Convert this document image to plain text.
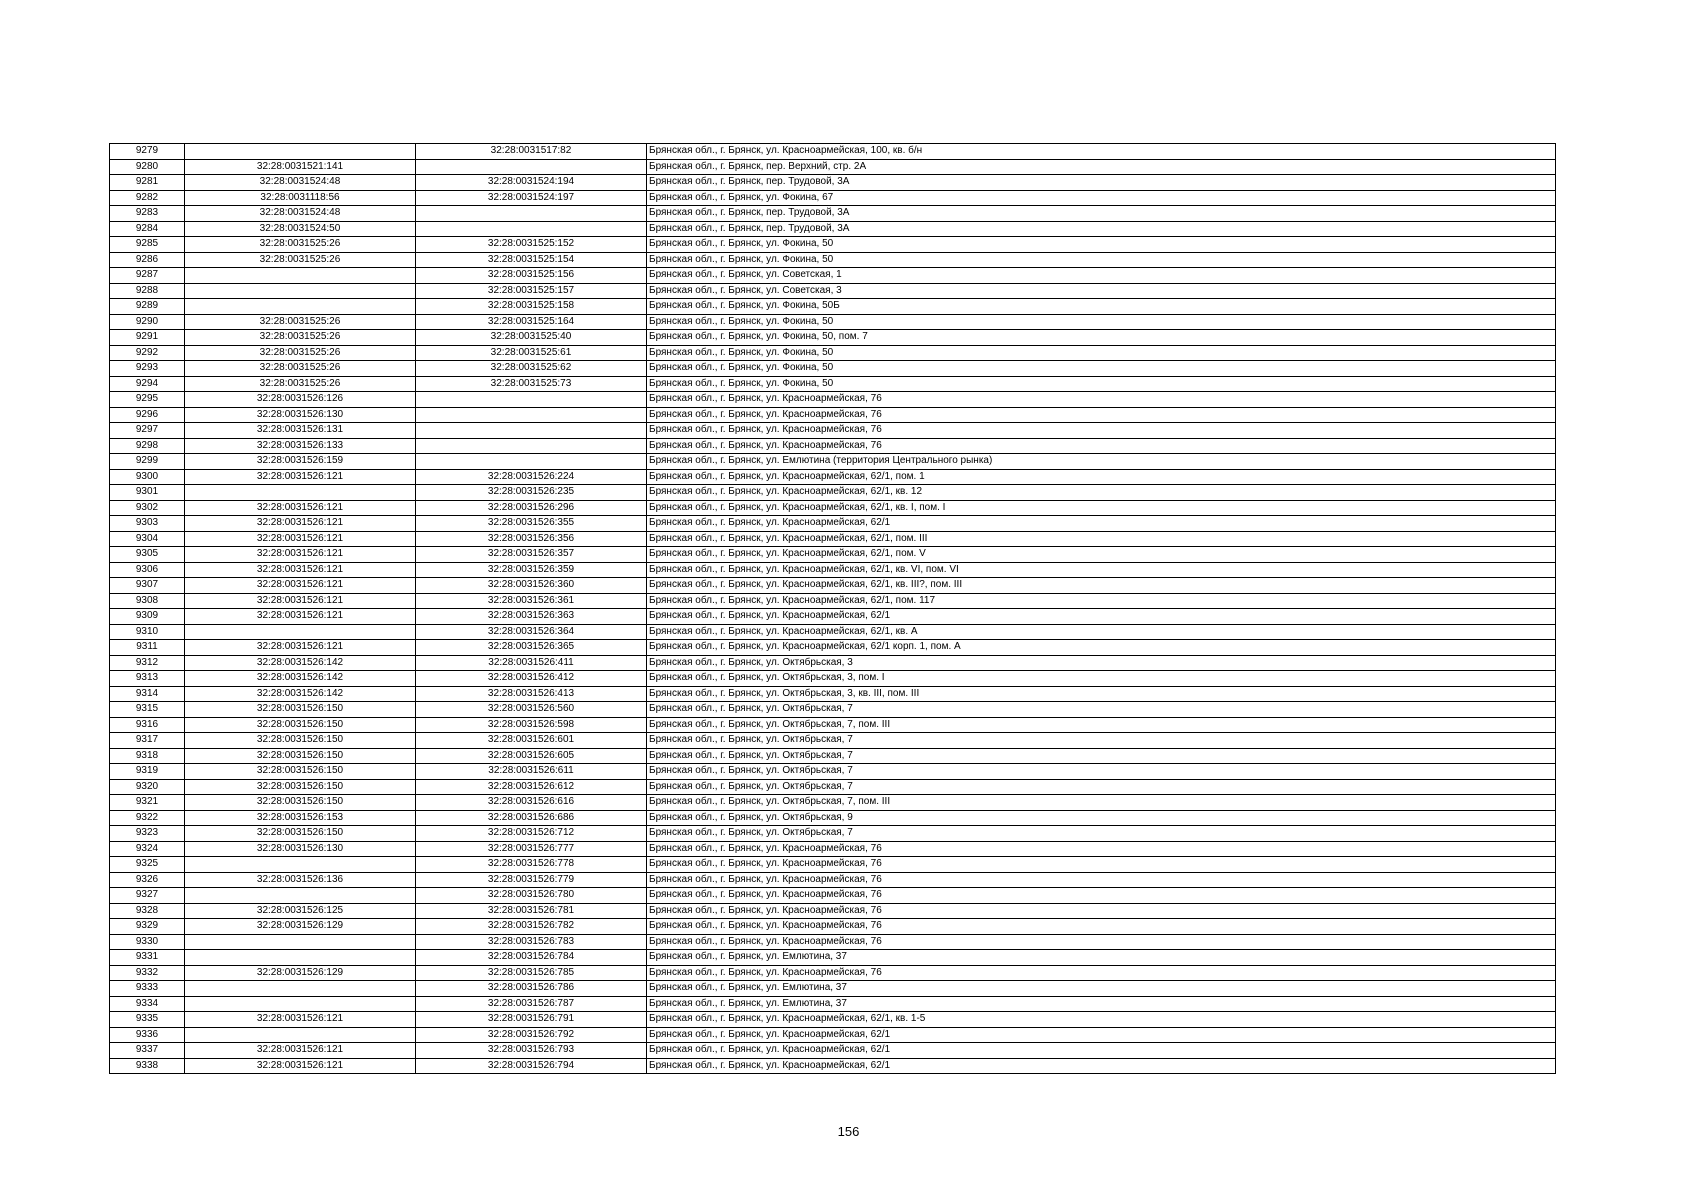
9279		32:28:0031517:82	Брянская обл., г. Брянск, ул. Красноармейская, 100, кв. б/н
9280	32:28:0031521:141		Брянская обл., г. Брянск, пер. Верхний, стр. 2А
9281	32:28:0031524:48	32:28:0031524:194	Брянская обл., г. Брянск, пер. Трудовой, 3А
9282	32:28:0031118:56	32:28:0031524:197	Брянская обл., г. Брянск, ул. Фокина, 67
9283	32:28:0031524:48		Брянская обл., г. Брянск, пер. Трудовой, 3А
9284	32:28:0031524:50		Брянская обл., г. Брянск, пер. Трудовой, 3А
9285	32:28:0031525:26	32:28:0031525:152	Брянская обл., г. Брянск, ул. Фокина, 50
9286	32:28:0031525:26	32:28:0031525:154	Брянская обл., г. Брянск, ул. Фокина, 50
9287		32:28:0031525:156	Брянская обл., г. Брянск, ул. Советская, 1
9288		32:28:0031525:157	Брянская обл., г. Брянск, ул. Советская, 3
9289		32:28:0031525:158	Брянская обл., г. Брянск, ул. Фокина, 50Б
9290	32:28:0031525:26	32:28:0031525:164	Брянская обл., г. Брянск, ул. Фокина, 50
9291	32:28:0031525:26	32:28:0031525:40	Брянская обл., г. Брянск, ул. Фокина, 50, пом. 7
9292	32:28:0031525:26	32:28:0031525:61	Брянская обл., г. Брянск, ул. Фокина, 50
9293	32:28:0031525:26	32:28:0031525:62	Брянская обл., г. Брянск, ул. Фокина, 50
9294	32:28:0031525:26	32:28:0031525:73	Брянская обл., г. Брянск, ул. Фокина, 50
9295	32:28:0031526:126		Брянская обл., г. Брянск, ул. Красноармейская, 76
9296	32:28:0031526:130		Брянская обл., г. Брянск, ул. Красноармейская, 76
9297	32:28:0031526:131		Брянская обл., г. Брянск, ул. Красноармейская, 76
9298	32:28:0031526:133		Брянская обл., г. Брянск, ул. Красноармейская, 76
9299	32:28:0031526:159		Брянская обл., г. Брянск, ул. Емлютина (территория Центрального рынка)
9300	32:28:0031526:121	32:28:0031526:224	Брянская обл., г. Брянск, ул. Красноармейская, 62/1, пом. 1
9301		32:28:0031526:235	Брянская обл., г. Брянск, ул. Красноармейская, 62/1, кв. 12
9302	32:28:0031526:121	32:28:0031526:296	Брянская обл., г. Брянск, ул. Красноармейская, 62/1, кв. I, пом. I
9303	32:28:0031526:121	32:28:0031526:355	Брянская обл., г. Брянск, ул. Красноармейская, 62/1
9304	32:28:0031526:121	32:28:0031526:356	Брянская обл., г. Брянск, ул. Красноармейская, 62/1, пом. III
9305	32:28:0031526:121	32:28:0031526:357	Брянская обл., г. Брянск, ул. Красноармейская, 62/1, пом. V
9306	32:28:0031526:121	32:28:0031526:359	Брянская обл., г. Брянск, ул. Красноармейская, 62/1, кв. VI, пом. VI
9307	32:28:0031526:121	32:28:0031526:360	Брянская обл., г. Брянск, ул. Красноармейская, 62/1, кв. III?, пом. III
9308	32:28:0031526:121	32:28:0031526:361	Брянская обл., г. Брянск, ул. Красноармейская, 62/1, пом. 117
9309	32:28:0031526:121	32:28:0031526:363	Брянская обл., г. Брянск, ул. Красноармейская, 62/1
9310		32:28:0031526:364	Брянская обл., г. Брянск, ул. Красноармейская, 62/1, кв. А
9311	32:28:0031526:121	32:28:0031526:365	Брянская обл., г. Брянск, ул. Красноармейская, 62/1 корп. 1, пом. А
9312	32:28:0031526:142	32:28:0031526:411	Брянская обл., г. Брянск, ул. Октябрьская, 3
9313	32:28:0031526:142	32:28:0031526:412	Брянская обл., г. Брянск, ул. Октябрьская, 3, пом. I
9314	32:28:0031526:142	32:28:0031526:413	Брянская обл., г. Брянск, ул. Октябрьская, 3, кв. III, пом. III
9315	32:28:0031526:150	32:28:0031526:560	Брянская обл., г. Брянск, ул. Октябрьская, 7
9316	32:28:0031526:150	32:28:0031526:598	Брянская обл., г. Брянск, ул. Октябрьская, 7, пом. III
9317	32:28:0031526:150	32:28:0031526:601	Брянская обл., г. Брянск, ул. Октябрьская, 7
9318	32:28:0031526:150	32:28:0031526:605	Брянская обл., г. Брянск, ул. Октябрьская, 7
9319	32:28:0031526:150	32:28:0031526:611	Брянская обл., г. Брянск, ул. Октябрьская, 7
9320	32:28:0031526:150	32:28:0031526:612	Брянская обл., г. Брянск, ул. Октябрьская, 7
9321	32:28:0031526:150	32:28:0031526:616	Брянская обл., г. Брянск, ул. Октябрьская, 7, пом. III
9322	32:28:0031526:153	32:28:0031526:686	Брянская обл., г. Брянск, ул. Октябрьская, 9
9323	32:28:0031526:150	32:28:0031526:712	Брянская обл., г. Брянск, ул. Октябрьская, 7
9324	32:28:0031526:130	32:28:0031526:777	Брянская обл., г. Брянск, ул. Красноармейская, 76
9325		32:28:0031526:778	Брянская обл., г. Брянск, ул. Красноармейская, 76
9326	32:28:0031526:136	32:28:0031526:779	Брянская обл., г. Брянск, ул. Красноармейская, 76
9327		32:28:0031526:780	Брянская обл., г. Брянск, ул. Красноармейская, 76
9328	32:28:0031526:125	32:28:0031526:781	Брянская обл., г. Брянск, ул. Красноармейская, 76
9329	32:28:0031526:129	32:28:0031526:782	Брянская обл., г. Брянск, ул. Красноармейская, 76
9330		32:28:0031526:783	Брянская обл., г. Брянск, ул. Красноармейская, 76
9331		32:28:0031526:784	Брянская обл., г. Брянск, ул. Емлютина, 37
9332	32:28:0031526:129	32:28:0031526:785	Брянская обл., г. Брянск, ул. Красноармейская, 76
9333		32:28:0031526:786	Брянская обл., г. Брянск, ул. Емлютина, 37
9334		32:28:0031526:787	Брянская обл., г. Брянск, ул. Емлютина, 37
9335	32:28:0031526:121	32:28:0031526:791	Брянская обл., г. Брянск, ул. Красноармейская, 62/1, кв. 1-5
9336		32:28:0031526:792	Брянская обл., г. Брянск, ул. Красноармейская, 62/1
9337	32:28:0031526:121	32:28:0031526:793	Брянская обл., г. Брянск, ул. Красноармейская, 62/1
9338	32:28:0031526:121	32:28:0031526:794	Брянская обл., г. Брянск, ул. Красноармейская, 62/1
156
